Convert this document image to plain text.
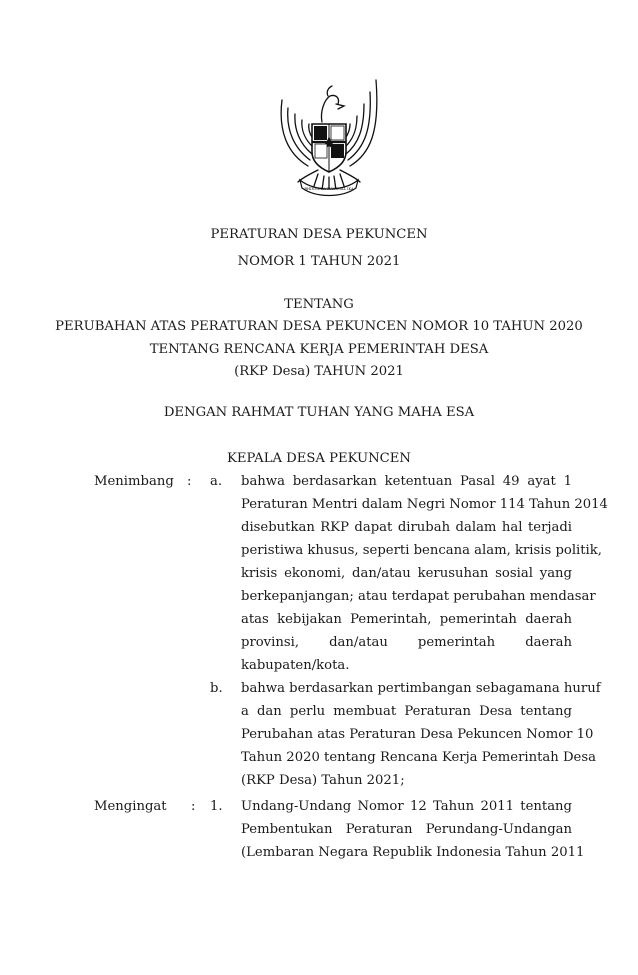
BHINNEKA TUNGGAL IKA
PERATURAN DESA PEKUNCEN
NOMOR 1 TAHUN 2021
TENTANG
PERUBAHAN ATAS PERATURAN DESA PEKUNCEN NOMOR 10 TAHUN 2020
TENTANG RENCANA KERJA PEMERINTAH DESA
(RKP Desa) TAHUN 2021
DENGAN RAHMAT TUHAN YANG MAHA ESA
KEPALA DESA PEKUNCEN
Menimbang : a. bahwa berdasarkan ketentuan Pasal 49 ayat 1
Peraturan Mentri dalam Negri Nomor 114 Tahun 2014
disebutkan RKP dapat dirubah dalam hal terjadi
peristiwa khusus, seperti bencana alam, krisis politik,
krisis ekonomi, dan/atau kerusuhan sosial yang
berkepanjangan; atau terdapat perubahan mendasar
atas kebijakan Pemerintah, pemerintah daerah
provinsi, dan/atau pemerintah daerah
kabupaten/kota.
b. bahwa berdasarkan pertimbangan sebagamana huruf
a dan perlu membuat Peraturan Desa tentang
Perubahan atas Peraturan Desa Pekuncen Nomor 10
Tahun 2020 tentang Rencana Kerja Pemerintah Desa
(RKP Desa) Tahun 2021;
Mengingat : 1. Undang-Undang Nomor 12 Tahun 2011 tentang
Pembentukan Peraturan Perundang-Undangan
(Lembaran Negara Republik Indonesia Tahun 2011
